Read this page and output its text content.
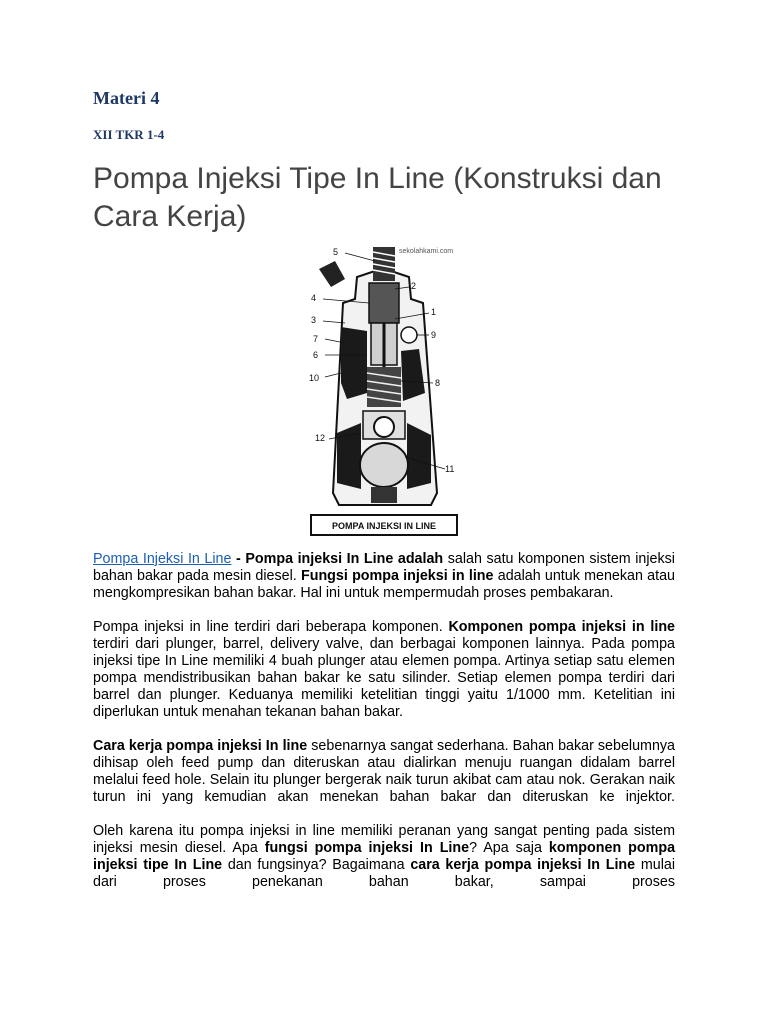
Materi 4
XII TKR 1-4
Pompa Injeksi Tipe In Line (Konstruksi dan Cara Kerja)
5
2
4
1
3
9
7
6
10	8
12
11
sekolahkami.com
POMPA INJEKSI IN LINE

Pompa Injeksi In Line - Pompa injeksi In Line adalah salah satu komponen sistem injeksi bahan bakar pada mesin diesel. Fungsi pompa injeksi in line adalah untuk menekan atau mengkompresikan bahan bakar. Hal ini untuk mempermudah proses pembakaran.

Pompa injeksi in line terdiri dari beberapa komponen. Komponen pompa injeksi in line terdiri dari plunger, barrel, delivery valve, dan berbagai komponen lainnya. Pada pompa injeksi tipe In Line memiliki 4 buah plunger atau elemen pompa. Artinya setiap satu elemen pompa mendistribusikan bahan bakar ke satu silinder. Setiap elemen pompa terdiri dari barrel dan plunger. Keduanya memiliki ketelitian tinggi yaitu 1/1000 mm. Ketelitian ini diperlukan untuk menahan tekanan bahan bakar.

Cara kerja pompa injeksi In line sebenarnya sangat sederhana. Bahan bakar sebelumnya dihisap oleh feed pump dan diteruskan atau dialirkan menuju ruangan didalam barrel melalui feed hole. Selain itu plunger bergerak naik turun akibat cam atau nok. Gerakan naik turun ini yang kemudian akan menekan bahan bakar dan diteruskan ke injektor.

Oleh karena itu pompa injeksi in line memiliki peranan yang sangat penting pada sistem injeksi mesin diesel. Apa fungsi pompa injeksi In Line? Apa saja komponen pompa injeksi tipe In Line dan fungsinya? Bagaimana cara kerja pompa injeksi In Line mulai dari proses penekanan bahan bakar, sampai proses
